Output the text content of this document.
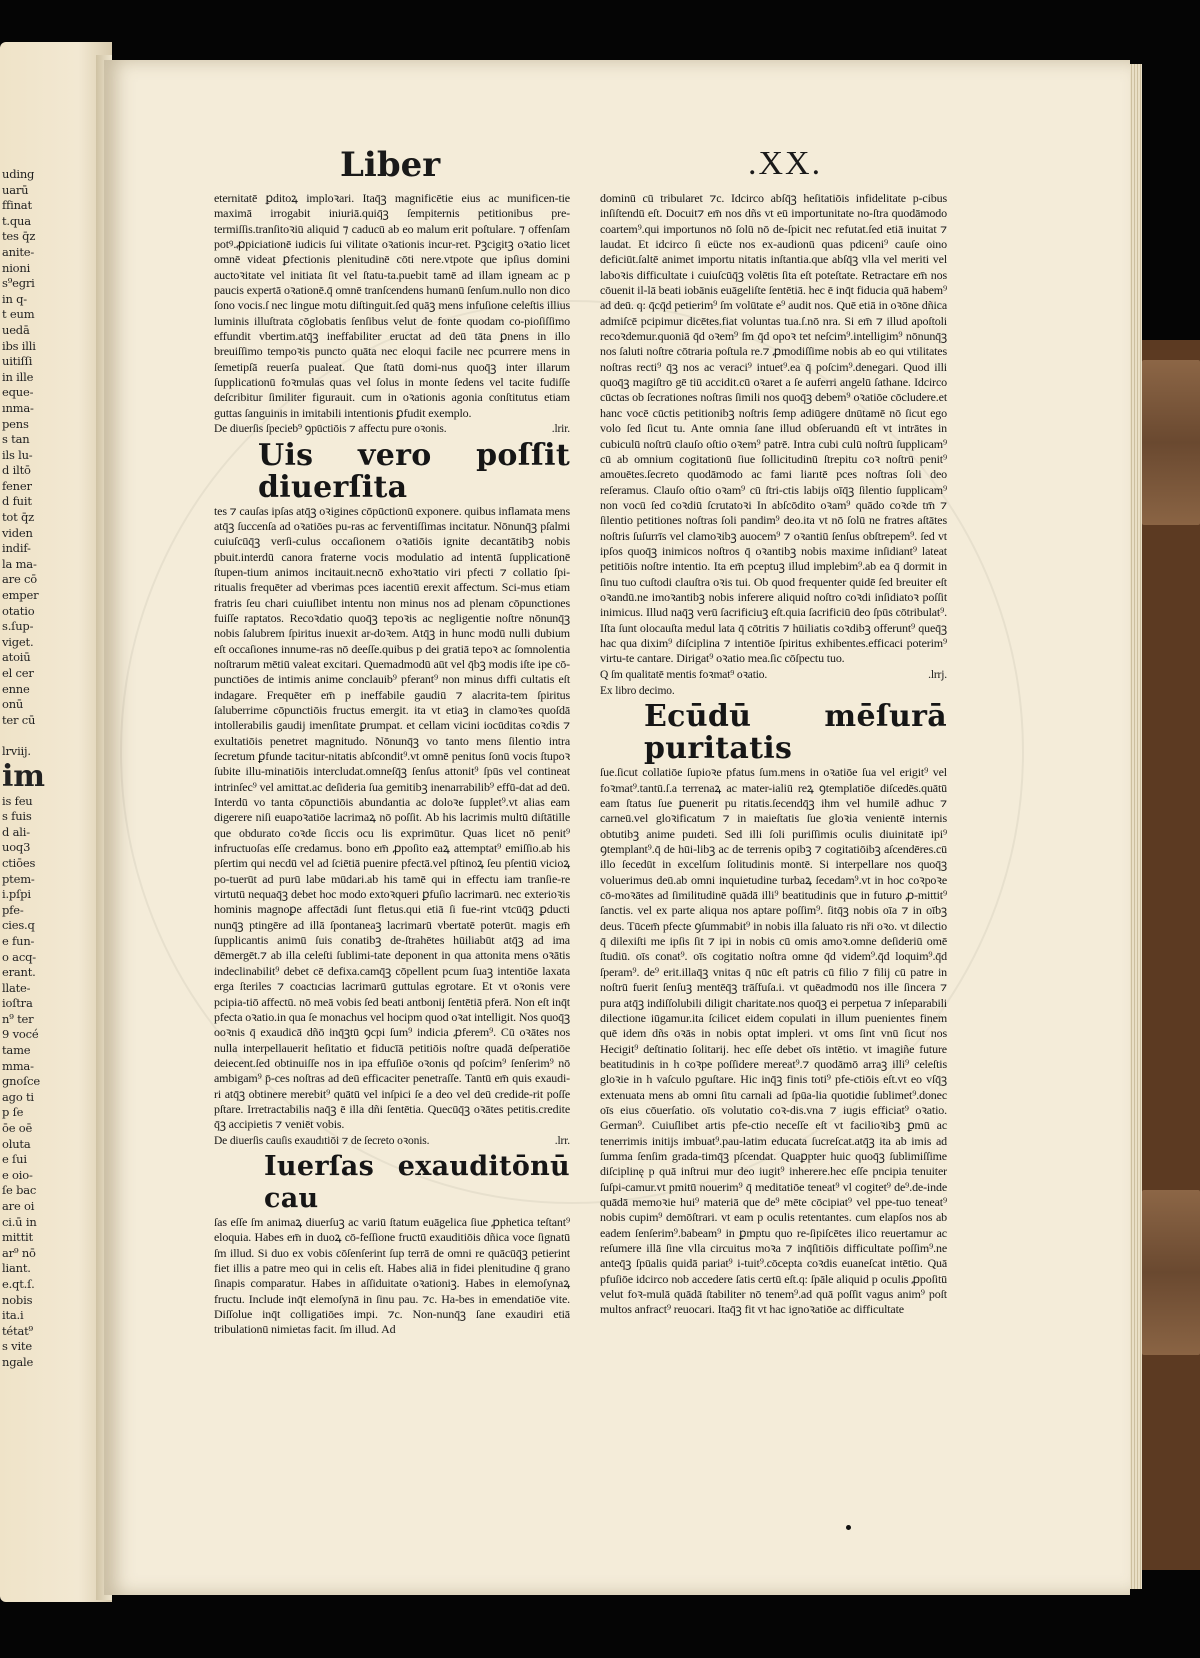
uding
uarū
ffinat
t.qua
tes q̄z
anite-
nioni
s⁹egri
in q-
t eum
uedā
ibs illi
uitiſſi
in ille
eque-
ınma-
pens
s tan
ils lu-
d iltō
fener
d fuit
tot q̄z
viden
indif-
la ma-
are cō
emper
otatio
s.ſup-
viget.
atoiū
el cer
enne
onū
ter cū

lrviij.

im
is feu
s fuis
d ali-
uoq3
ctiōes
ptem-
i.pſpi
pfe-
cies.q
e fun-
o acq-
erant.
llate-
ioſtra
n⁹ ter
9 vocé
tame
mma-
gnoſce
ago ti
p ſe
ōe oē
oluta
e ſui
e oio-
ſe bac
are oi
ci.ū in
mittit
ar⁹ nō
liant.
e.qt.ſ.
nobis
ita.i
tétat⁹
s vite
ngale

Liber	.XX.

eternitatē ꝑditoꝝ imploꝛari. Itaq̄ꝫ magnificētie eius ac munificen-tie maximā irrogabit iniuriā.quiq̄ꝫ ſempiternis petitionibus pre-termiſſis.tranſitoꝛiū aliquid ⁊ caducū ab eo malum erit poſtulare. ⁊ offenſam potꝰ.ꝓpiciationē iudicis ſui vilitate oꝛationis incur-ret. Pꝫcigitꝫ oꝛatio licet omnē videat ꝑfectionis plenitudinē cōti nere.vtpote que ipſius domini auctoꝛitate vel initiata ſit vel ſtatu-ta.puebit tamē ad illam igneam ac p paucis expertā oꝛationē.q̄ omnē tranſcendens humanū ſenſum.nullo non dico ſono vocis.ſ nec lingue motu diſtinguit.ſed quāꝫ mens infuſione celeſtis illius luminis illuſtrata cōglobatis ſenſibus velut de fonte quodam co-pioſiſſimo effundit vbertim.atq̄ꝫ ineffabiliter eructat ad deū tāta ꝑnens in illo breuiſſimo tempoꝛis puncto quāta nec eloqui facile nec pcurrere mens in ſemetipſā reuerſa pualeat. Que ſtatū domi-nus quoq̄ꝫ inter illarum ſupplicationū foꝛmulas quas vel ſolus in monte ſedens vel tacite fudiſſe deſcribitur ſimiliter figurauit. cum in oꝛationis agonia conſtitutus etiam guttas ſanguinis in imitabili intentionis ꝑfudit exemplo.

De diuerſis ſpecieb⁹ ꝯpūctiōis ⁊ affectu pure oꝛonis.	.lrir.
Uis vero poſſit diuerſita

tes ⁊ cauſas ipſas atq̄ꝫ oꝛigines cōpūctionū exponere. quibus inflamata mens atq̄ꝫ ſuccenſa ad oꝛatiōes pu-ras ac ferventiſſimas incitatur. Nōnunq̄ꝫ pſalmi cuiuſcūq̄ꝫ verſi-culus occaſionem oꝛatiōis ignite decantātibꝫ nobis pbuit.interdū canora fraterne vocis modulatio ad intentā ſupplicationē ſtupen-tium animos incitauit.necnō exhoꝛtatio viri pfecti ⁊ collatio ſpi-ritualis frequēter ad vberimas pces iacentiū erexit affectum. Sci-mus etiam fratris ſeu chari cuiuſlibet intentu non minus nos ad plenam cōpunctiones fuiſſe raptatos. Recoꝛdatio quoq̄ꝫ tepoꝛis ac negligentie noſtre nōnunq̄ꝫ nobis ſalubrem ſpiritus inuexit ar-doꝛem. Atq̄ꝫ in hunc modū nulli dubium eſt occaſiones innume-ras nō deeſſe.quibus p dei gratiā tepoꝛ ac ſomnolentia noſtrarum mētiū valeat excitari. Quemadmodū aūt vel q̄bꝫ modis iſte ipe cō-punctiōes de intimis anime conclauib⁹ pferant⁹ non minus dıffi cultatis eſt indagare. Frequēter em̄ p ineffabile gaudiū ⁊ alacrita-tem ſpiritus ſaluberrime cōpunctiōis fructus emergit. ita vt etiaꝫ in clamoꝛes quoſdā intollerabilis gaudij imenſitate ꝑrumpat. et cellam vicini iocūditas coꝛdis ⁊ exultatiōis penetret magnitudo. Nōnunq̄ꝫ vo tanto mens ſilentio intra ſecretum ꝑfunde tacitur-nitatis abſcondit⁹.vt omnē penitus ſonū vocis ſtupoꝛ ſubite illu-minatiōis intercludat.omneſq̄ꝫ ſenſus attonit⁹ ſpūs vel contineat intrinſec⁹ vel amittat.ac deſideria ſua gemitibꝫ inenarrabilib⁹ effū-dat ad deū. Interdū vo tanta cōpunctiōis abundantia ac doloꝛe ſupplet⁹.vt alias eam digerere niſi euapoꝛatiōe lacrimaꝝ nō poſſit. Ab his lacrimis multū diſtātille que obdurato coꝛde ſiccis ocu lis exprimūtur. Quas licet nō penit⁹ infructuoſas eſſe credamus. bono em̄ ꝓpoſito eaꝝ attemptat⁹ emiſſio.ab his pſertim qui necdū vel ad ſciētiā puenire pfectā.vel pſtinoꝝ ſeu pſentiū vicioꝝ po-tuerūt ad purū labe mūdari.ab his tamē qui in effectu iam tranſie-re virtutū nequaq̄ꝫ debet hoc modo extoꝛqueri ꝑfuſio lacrimarū. nec exterioꝛis hominis magnoꝑe affectādi ſunt fletus.qui etiā ſi fue-rint vtcūq̄ꝫ ꝑducti nunq̄ꝫ ptingēre ad illā ſpontaneaꝫ lacrimarū vbertatē poterūt. magis em̄ ſupplicantis animū ſuis conatibꝫ de-ſtrahētes hūiliabūt atq̄ꝫ ad ima dēmergēt.⁊ ab illa celeſti ſublimi-tate deponent in qua attonita mens oꝛātis indeclinabilit⁹ debet cē defixa.camq̄ꝫ cōpellent pcum ſuaꝫ intentiōe laxata erga ſteriles ⁊ coactıcias lacrimarū guttulas egrotare. Et vt oꝛonis vere pcipia-tiō affectū. nō meā vobis ſed beati antbonij ſentētiā pferā. Non eſt inq̄t pfecta oꝛatio.in qua ſe monachus vel hocipm quod oꝛat intelligit. Nos quoq̄ꝫ ooꝛnis q̄ exaudicā dñō inq̄ꝫtū ꝯcpi ſum⁹ indicia ꝓferem⁹. Cū oꝛātes nos nulla interpellauerit heſitatio et fiducīā petitiōis noſtre quadā deſperatiōe deiecent.ſed obtinuiſſe nos in ipa effuſiōe oꝛonis qd poſcim⁹ ſenſerim⁹ nō ambigam⁹ p̄-ces noſtras ad deū efficaciter penetraſſe. Tantū em̄ quis exaudi-ri atq̄ꝫ obtinere merebit⁹ quātū vel inſpici ſe a deo vel deū credide-rit poſſe pſtare. Irretractabilis naq̄ꝫ ē illa dñi ſentētia. Quecūq̄ꝫ oꝛātes petitis.credite q̄ꝫ accipietis ⁊ veniēt vobis.

De diuerſis cauſis exaudıtiōi ⁊ de ſecreto oꝛonis.	.lrr.
Iuerſas exauditōnū cau

ſas eſſe ſm animaꝝ diuerſuꝫ ac variū ſtatum euāgelica ſiue ꝓphetica teſtant⁹ eloquia. Habes em̄ in duoꝝ cō-feſſione fructū exauditiōis dñica voce ſignatū ſm illud. Si duo ex vobis cōſenſerint ſup terrā de omni re quācūq̄ꝫ petierint fiet illis a patre meo qui in celis eſt. Habes aliā in fidei plenitudine q̄ grano ſinapis comparatur. Habes in aſſiduitate oꝛationiꝫ. Habes in elemoſynaꝝ fructu. Include inq̄t elemoſynā in ſinu pau. ⁊c. Ha-bes in emendatiōe vite. Diſſolue inq̄t colligatiōes impi. ⁊c. Non-nunq̄ꝫ ſane exaudiri etiā tribulationū nimietas facit. ſm illud. Ad

dominū cū tribularet ⁊c. Idcirco abſq̄ꝫ heſitatiōis infidelitate p-cibus inſiſtendū eſt. Docuit⁊ em̄ nos dñs vt eū importunitate no-ſtra quodāmodo coartem⁹.qui importunos nō ſolū nō de-ſpicit nec refutat.ſed etiā inuitat ⁊ laudat. Et idcirco ſi eücte nos ex-audionū quas pdiceni⁹ cauſe oino deficiūt.ſaltē animet importu nitatis inſtantia.que abſq̄ꝫ vlla vel meriti vel laboꝛis difficultate i cuiuſcūq̄ꝫ volētis ſita eſt poteſtate. Retractare em̄ nos cōuenit il-lā beati iobānis euāgeliſte ſentētiā. hec ē inq̄t fiducia quā habem⁹ ad deū. q: q̄cq̄d petierim⁹ ſm volūtate e⁹ audit nos. Quē etiā in oꝛōne dñica admiſcē pcipimur dicētes.fiat voluntas tua.ſ.nō nra. Si em̄ ⁊ illud apoſtoli recoꝛdemur.quoniā q̄d oꝛem⁹ ſm q̄d opoꝛ tet neſcim⁹.intelligim⁹ nōnunq̄ꝫ nos ſaluti noſtre cōtraria poſtula re.⁊ ꝓmodiſſime nobis ab eo qui vtilitates noſtras recti⁹ q̄ꝫ nos ac veraci⁹ intuet⁹.ea q̄ poſcim⁹.denegari. Quod illi quoq̄ꝫ magiſtro gē tiū accidit.cū oꝛaret a ſe auferri angelū ſathane. Idcirco cūctas ob ſecrationes noſtras ſimili nos quoq̄ꝫ debem⁹ oꝛatiōe cōcludere.et hanc vocē cūctis petitionibꝫ noſtris ſemp adiūgere dnūtamē nō ſicut ego volo ſed ſicut tu. Ante omnia ſane illud obſeruandū eſt vt intrātes in cubiculū noſtrū clauſo oſtio oꝛem⁹ patrē. Intra cubi culū noſtrū ſupplicam⁹ cū ab omnium cogitationū ſiue ſollicitudinū ſtrepitu coꝛ noſtrū penit⁹ amouētes.ſecreto quodāmodo ac fami liarıtē pces noſtras ſoli deo reſeramus. Clauſo oſtio oꝛam⁹ cū ſtri-ctis labijs oīq̄ꝫ ſilentio ſupplicam⁹ non vocū ſed coꝛdiū ſcrutatoꝛi In abſcōdito oꝛam⁹ quādo coꝛde tm̄ ⁊ ſilentio petitiones noſtras ſoli pandim⁹ deo.ita vt nō ſolū ne fratres aſtātes noſtris ſuſurrīs vel clamoꝛibꝫ auocem⁹ ⁊ oꝛantiū ſenſus obſtrepem⁹. ſed vt ipſos quoq̄ꝫ inimicos noſtros q̄ oꝛantibꝫ nobis maxime inſidiant⁹ lateat petitiōis noſtre intentio. Ita em̄ pceptuꝫ illud implebim⁹.ab ea q̄ dormit in ſinu tuo cuſtodi clauſtra oꝛis tui. Ob quod frequenter quidē ſed breuiter eſt oꝛandū.ne imoꝛantibꝫ nobis inferere aliquid noſtro coꝛdi inſidiatoꝛ poſſit inimicus. Illud naq̄ꝫ verū ſacrificiuꝫ eſt.quia ſacrificiū deo ſpūs cōtribulat⁹. Iſta ſunt olocauſta medul lata q̄ cōtritis ⁊ hūiliatis coꝛdibꝫ offerunt⁹ queq̄ꝫ hac qua dixim⁹ diſciplina ⁊ intentiōe ſpiritus exhibentes.efficaci poterim⁹ virtu-te cantare. Dirigat⁹ oꝛatio mea.ſic cōſpectu tuo.

Q ſm qualitatē mentis foꝛmat⁹ oꝛatio.	.lrrj.
Ex libro decimo.
Ecūdū mēſurā puritatis

ſue.ſicut collatiōe ſupioꝛe pfatus ſum.mens in oꝛatiōe ſua vel erigit⁹ vel foꝛmat⁹.tantū.ſ.a terrenaꝝ ac mater-ialiū reꝝ ꝯtemplatiōe diſcedēs.quātū eam ſtatus ſue ꝑuenerit pu ritatis.ſecendq̄ꝫ ihm vel humilē adhuc ⁊ carneū.vel gloꝛificatum ⁊ in maieſtatis ſue gloꝛia venientē internis obtutibꝫ anime puıdeti. Sed illi ſoli puriſſimis oculis diuinitatē ipi⁹ ꝯtemplant⁹.q̄ de hūi-libꝫ ac de terrenis opibꝫ ⁊ cogitatiōibꝫ aſcendēres.cū illo ſecedūt in excelſum ſolitudinis montē. Si interpellare nos quoq̄ꝫ voluerimus deū.ab omni inquietudine turbaꝝ ſecedam⁹.vt in hoc coꝛpoꝛe cō-moꝛātes ad ſimilitudinē quādā illi⁹ beatitudinis que in futuro ꝓ-mittit⁹ ſanctis. vel ex parte aliqua nos aptare poſſim⁹. ſitq̄ꝫ nobis oīa ⁊ in oībꝫ deus. Tūcem̄ pfecte ꝯſummabit⁹ in nobis illa ſaluato ris nři oꝛo. vt dilectio q̄ dilexiſti me ipſis ſit ⁊ ipi in nobis cū omis amoꝛ.omne deſideriū omē ſtudiū. oīs conat⁹. oīs cogitatio noſtra omne q̄d videm⁹.q̄d loquim⁹.q̄d ſperam⁹. de⁹ erit.illaq̄ꝫ vnitas q̄ nūc eſt patris cū filio ⁊ filij cū patre in noſtrū fuerit ſenſuꝫ mentēq̄ꝫ trāſfuſa.i. vt quēadmodū nos ille ſincera ⁊ pura atq̄ꝫ indiſſolubili diligit charitate.nos quoq̄ꝫ ei perpetua ⁊ inſeparabili dilectione iūgamur.ita ſcilicet eidem copulati in illum puenientes finem quē idem dñs oꝛās in nobis optat impleri. vt oms ſint vnū ſicut nos Hecigit⁹ deſtinatio ſolitarij. hec eſſe debet oīs intētio. vt imagiñe future beatitudinis in h coꝛpe poſſidere mereat⁹.⁊ quodāmō arraꝫ illi⁹ celeſtis gloꝛie in h vaſculo pguſtare. Hic inq̄ꝫ finis toti⁹ pfe-ctiōis eſt.vt eo vſq̄ꝫ extenuata mens ab omni ſitu carnali ad ſpūa-lia quotidie ſublimet⁹.donec oīs eius cōuerſatio. oīs volutatio coꝛ-dis.vna ⁊ iugis efficiat⁹ oꝛatio. German⁹. Cuiuſlibet artis pfe-ctio neceſſe eſt vt facilioꝛibꝫ ꝑmū ac tenerrimis initijs imbuat⁹.pau-latim educata ſucreſcat.atq̄ꝫ ita ab imis ad ſumma ſenſim grada-timq̄ꝫ pſcendat. Quaꝑpter huic quoq̄ꝫ ſublimiſſime diſciplinę p quā inſtrui mur deo iugit⁹ inherere.hec eſſe pncipia tenuiter ſuſpi-camur.vt pmitū nouerim⁹ q̄ meditatiōe teneat⁹ vl cogitet⁹ de⁹.de-inde quādā memoꝛie hui⁹ materiā que de⁹ mēte cōcipiat⁹ vel ppe-tuo teneat⁹ nobis cupim⁹ demōſtrari. vt eam p oculis retentantes. cum elapſos nos ab eadem ſenſerim⁹.babeam⁹ in ꝑmptu quo re-ſipiſcētes ilico reuertamur ac reſumere illā ſine vlla circuitus moꝛa ⁊ inq̄ſitiōis difficultate poſſim⁹.ne anteq̄ꝫ ſpūalis quidā pariat⁹ i-tuit⁹.cōcepta coꝛdis euaneſcat intētio. Quā pfuſiōe idcirco nob accedere ſatis certū eſt.q: ſpāle aliquid p oculis ꝓpoſitū velut foꝛ-mulā quādā ſtabiliter nō tenem⁹.ad quā poſſit vagus anim⁹ poſt multos anfract⁹ reuocari. Itaq̄ꝫ fit vt hac ignoꝛatiōe ac difficultate
